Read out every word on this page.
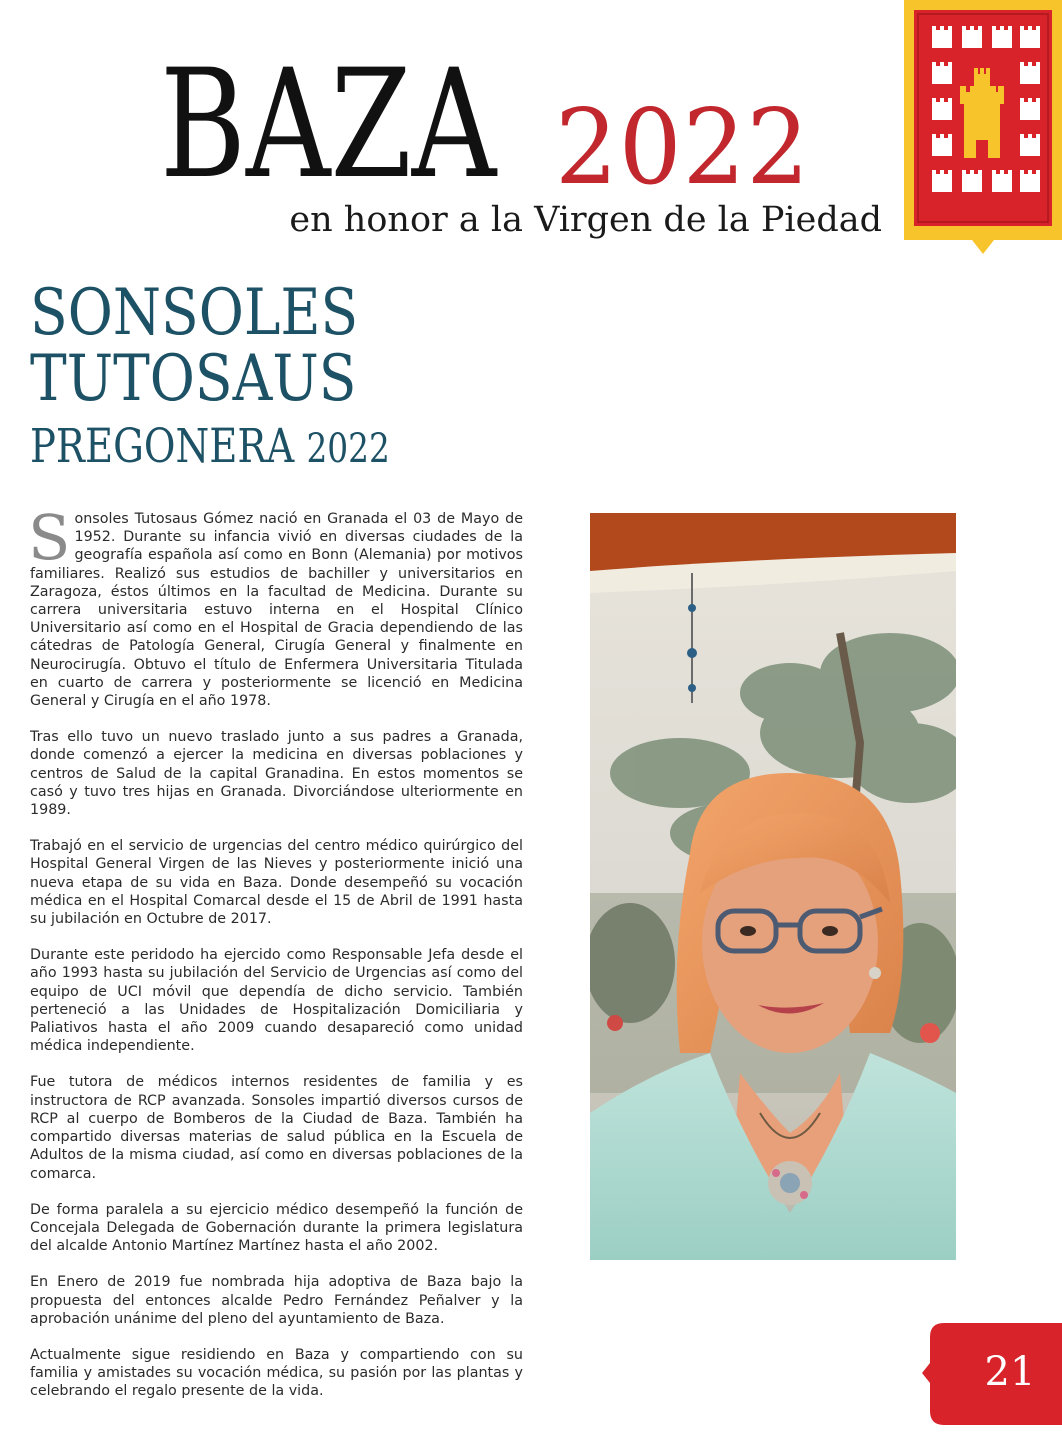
BAZA 2022
en honor a la Virgen de la Piedad
SONSOLES
TUTOSAUS
PREGONERA 2022

Sonsoles Tutosaus Gómez nació en Granada el 03 de Mayo de 1952. Durante su infancia vivió en diversas ciudades de la geografía española así como en Bonn (Alemania) por motivos familiares. Realizó sus estudios de bachiller y universitarios en Zaragoza, éstos últimos en la facultad de Medicina. Durante su carrera universitaria estuvo interna en el Hospital Clínico Universitario así como en el Hospital de Gracia dependiendo de las cátedras de Patología General, Cirugía General y finalmente en Neurocirugía. Obtuvo el título de Enfermera Universitaria Titulada en cuarto de carrera y posteriormente se licenció en Medicina General y Cirugía en el año 1978.

Tras ello tuvo un nuevo traslado junto a sus padres a Granada, donde comenzó a ejercer la medicina en diversas poblaciones y centros de Salud de la capital Granadina. En estos momentos se casó y tuvo tres hijas en Granada. Divorciándose ulteriormente en 1989.

Trabajó en el servicio de urgencias del centro médico quirúrgico del Hospital General Virgen de las Nieves y posteriormente inició una nueva etapa de su vida en Baza. Donde desempeñó su vocación médica en el Hospital Comarcal desde el 15 de Abril de 1991 hasta su jubilación en Octubre de 2017.

Durante este peridodo ha ejercido como Responsable Jefa desde el año 1993 hasta su jubilación del Servicio de Urgencias así como del equipo de UCI móvil que dependía de dicho servicio. También perteneció a las Unidades de Hospitalización Domiciliaria y Paliativos hasta el año 2009 cuando desapareció como unidad médica independiente.

Fue tutora de médicos internos residentes de familia y es instructora de RCP avanzada. Sonsoles impartió diversos cursos de RCP al cuerpo de Bomberos de la Ciudad de Baza. También ha compartido diversas materias de salud pública en la Escuela de Adultos de la misma ciudad, así como en diversas poblaciones de la comarca.

De forma paralela a su ejercicio médico desempeñó la función de Concejala Delegada de Gobernación durante la primera legislatura del alcalde Antonio Martínez Martínez hasta el año 2002.

En Enero de 2019 fue nombrada hija adoptiva de Baza bajo la propuesta del entonces alcalde Pedro Fernández Peñalver y la aprobación unánime del pleno del ayuntamiento de Baza.

Actualmente sigue residiendo en Baza y compartiendo con su familia y amistades su vocación médica, su pasión por las plantas y celebrando el regalo presente de la vida.	21
